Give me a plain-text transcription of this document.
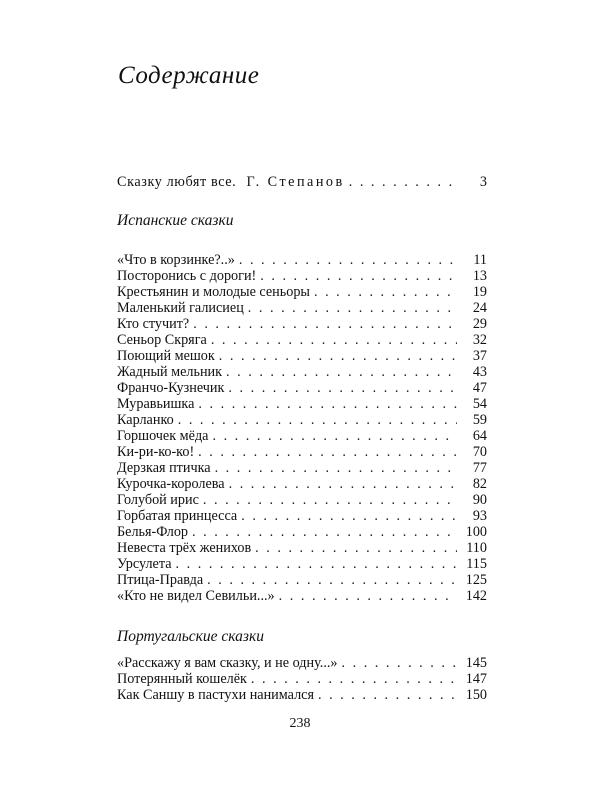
Содержание
Сказку любят все. Г. Степанов . . .	3
Испанские сказки
«Что в корзинке?..» . . .	11
Посторонись с дороги! . . .	13
Крестьянин и молодые сеньоры . . .	19
Маленький галисиец . . .	24
Кто стучит? . . .	29
Сеньор Скряга . . .	32
Поющий мешок . . .	37
Жадный мельник . . .	43
Франчо-Кузнечик . . .	47
Муравьишка . . .	54
Карланко . . .	59
Горшочек мёда . . .	64
Ки-ри-ко-ко! . . .	70
Дерзкая птичка . . .	77
Курочка-королева . . .	82
Голубой ирис . . .	90
Горбатая принцесса . . .	93
Белья-Флор . . .	100
Невеста трёх женихов . . .	110
Урсулета . . .	115
Птица-Правда . . .	125
«Кто не видел Севильи...» . . .	142
Португальские сказки
«Расскажу я вам сказку, и не одну...» . . .	145
Потерянный кошелёк . . .	147
Как Саншу в пастухи нанимался . . .	150
238
